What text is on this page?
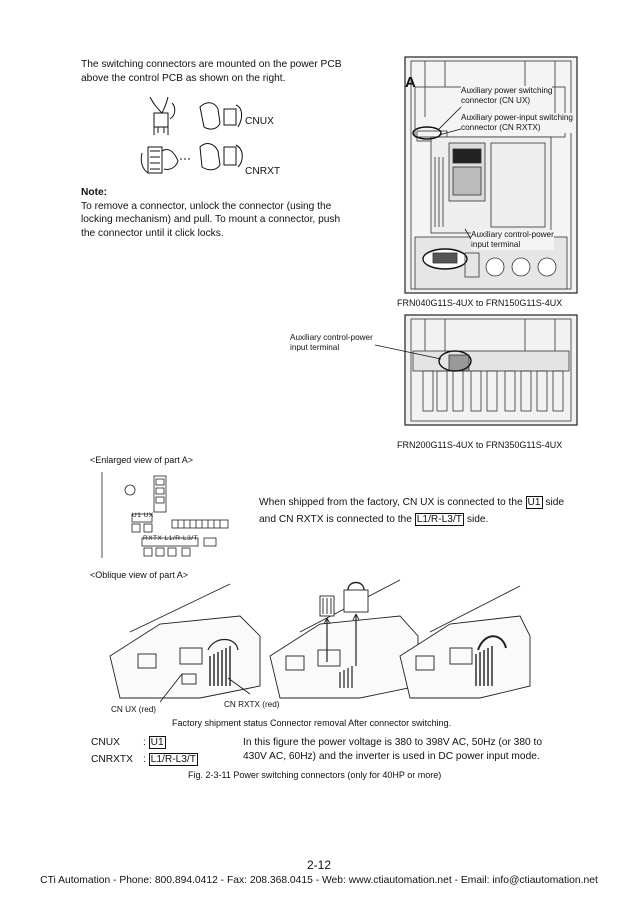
The switching connectors are mounted on the power PCB
above the control PCB as shown on the right.
CNUX
CNRXT
Note:
To remove a connector, unlock the connector (using the
locking mechanism) and pull. To mount a connector, push
the connector until it click locks.
A	Auxiliary power switching
connector (CN UX)
Auxiliary power-input switching
connector (CN RXTX)
Auxiliary control-power
input terminal
FRN040G11S-4UX to FRN150G11S-4UX
Auxiliary control-power
input terminal
FRN200G11S-4UX to FRN350G11S-4UX
<Enlarged view of part A>
U1 UX
RXTX L1/R-L3/T
When shipped from the factory, CN UX is connected to the U1 side
and CN RXTX is connected to the L1/R-L3/T side.
<Oblique view of part A>
CN UX (red)
CN RXTX (red)
Factory shipment status Connector removal After connector switching.
CNUX : U1
CNRXTX : L1/R-L3/T
In this figure the power voltage is 380 to 398V AC, 50Hz (or 380 to
430V AC, 60Hz) and the inverter is used in DC power input mode.
Fig. 2-3-11 Power switching connectors (only for 40HP or more)
2-12
CTi Automation - Phone: 800.894.0412 - Fax: 208.368.0415 - Web: www.ctiautomation.net - Email: info@ctiautomation.net
